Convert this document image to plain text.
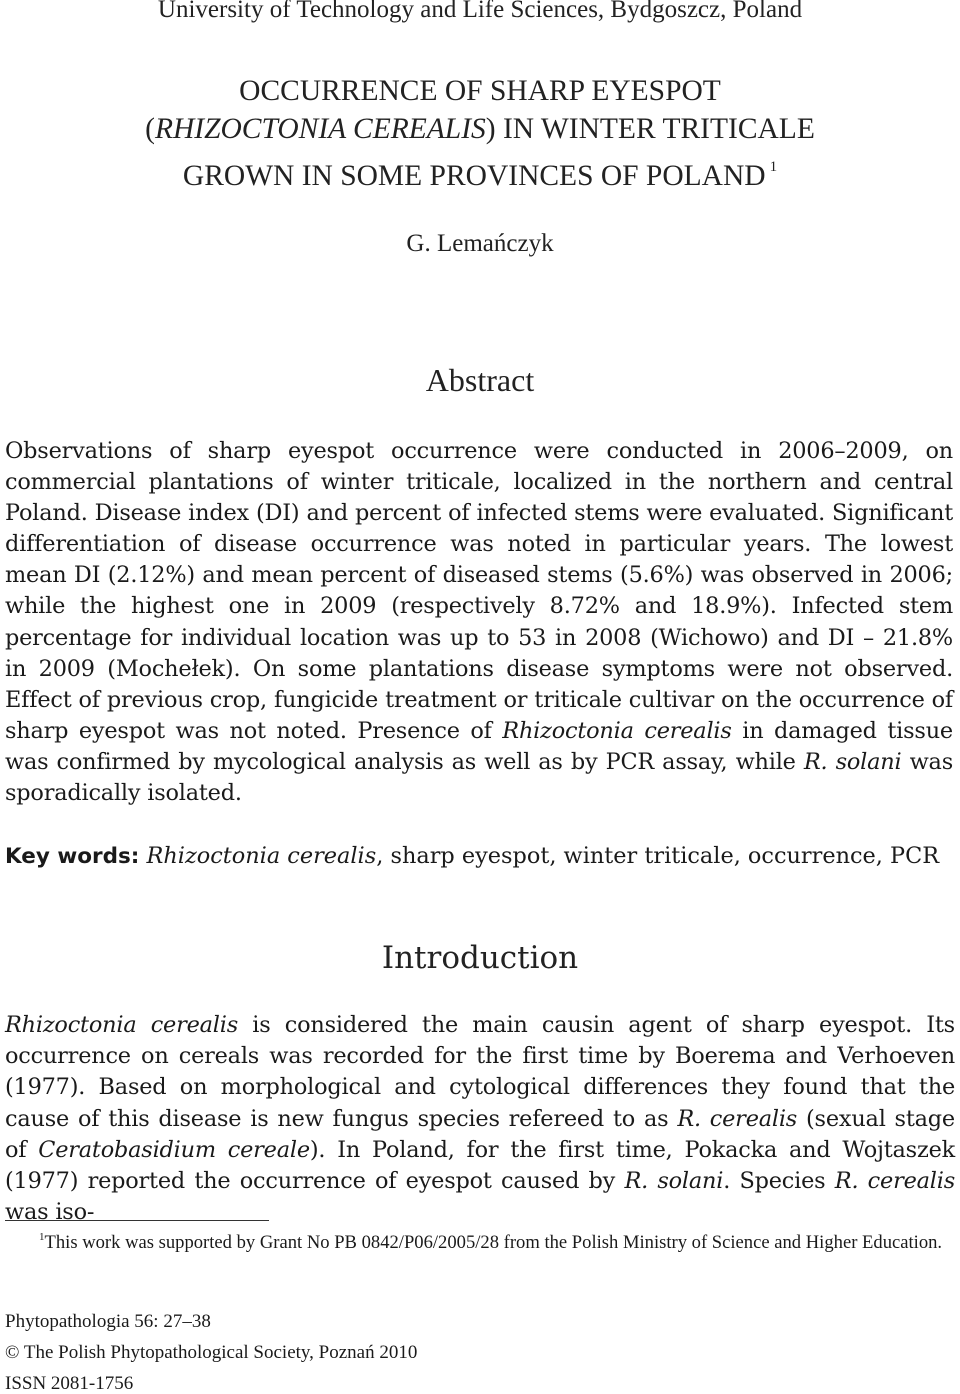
University of Technology and Life Sciences, Bydgoszcz, Poland
OCCURRENCE OF SHARP EYESPOT
(RHIZOCTONIA CEREALIS) IN WINTER TRITICALE
GROWN IN SOME PROVINCES OF POLAND $^1$
G. Lemańczyk
Abstract

Observations of sharp eyespot occurrence were conducted in 2006–2009, on commercial plantations of winter triticale, localized in the northern and central Poland. Disease index (DI) and percent of infected stems were evaluated. Significant differentiation of disease occurrence was noted in particular years. The lowest mean DI (2.12%) and mean percent of diseased stems (5.6%) was observed in 2006; while the highest one in 2009 (respectively 8.72% and 18.9%). Infected stem percentage for individual location was up to 53 in 2008 (Wichowo) and DI – 21.8% in 2009 (Mochełek). On some plantations disease symptoms were not observed. Effect of previous crop, fungicide treatment or triticale cultivar on the occurrence of sharp eyespot was not noted. Presence of Rhizoctonia cerealis in damaged tissue was confirmed by mycological analysis as well as by PCR assay, while R. solani was sporadically isolated.

Key words: Rhizoctonia cerealis, sharp eyespot, winter triticale, occurrence, PCR
Introduction

Rhizoctonia cerealis is considered the main causin agent of sharp eyespot. Its occurrence on cereals was recorded for the first time by Boerema and Verhoeven (1977). Based on morphological and cytological differences they found that the cause of this disease is new fungus species refereed to as R. cerealis (sexual stage of Ceratobasidium cereale). In Poland, for the first time, Pokacka and Wojtaszek (1977) reported the occurrence of eyespot caused by R. solani. Species R. cerealis was iso-

$^1$This work was supported by Grant No PB 0842/P06/2005/28 from the Polish Ministry of Science and Higher Education.
Phytopathologia 56: 27–38
© The Polish Phytopathological Society, Poznań 2010
ISSN 2081-1756
